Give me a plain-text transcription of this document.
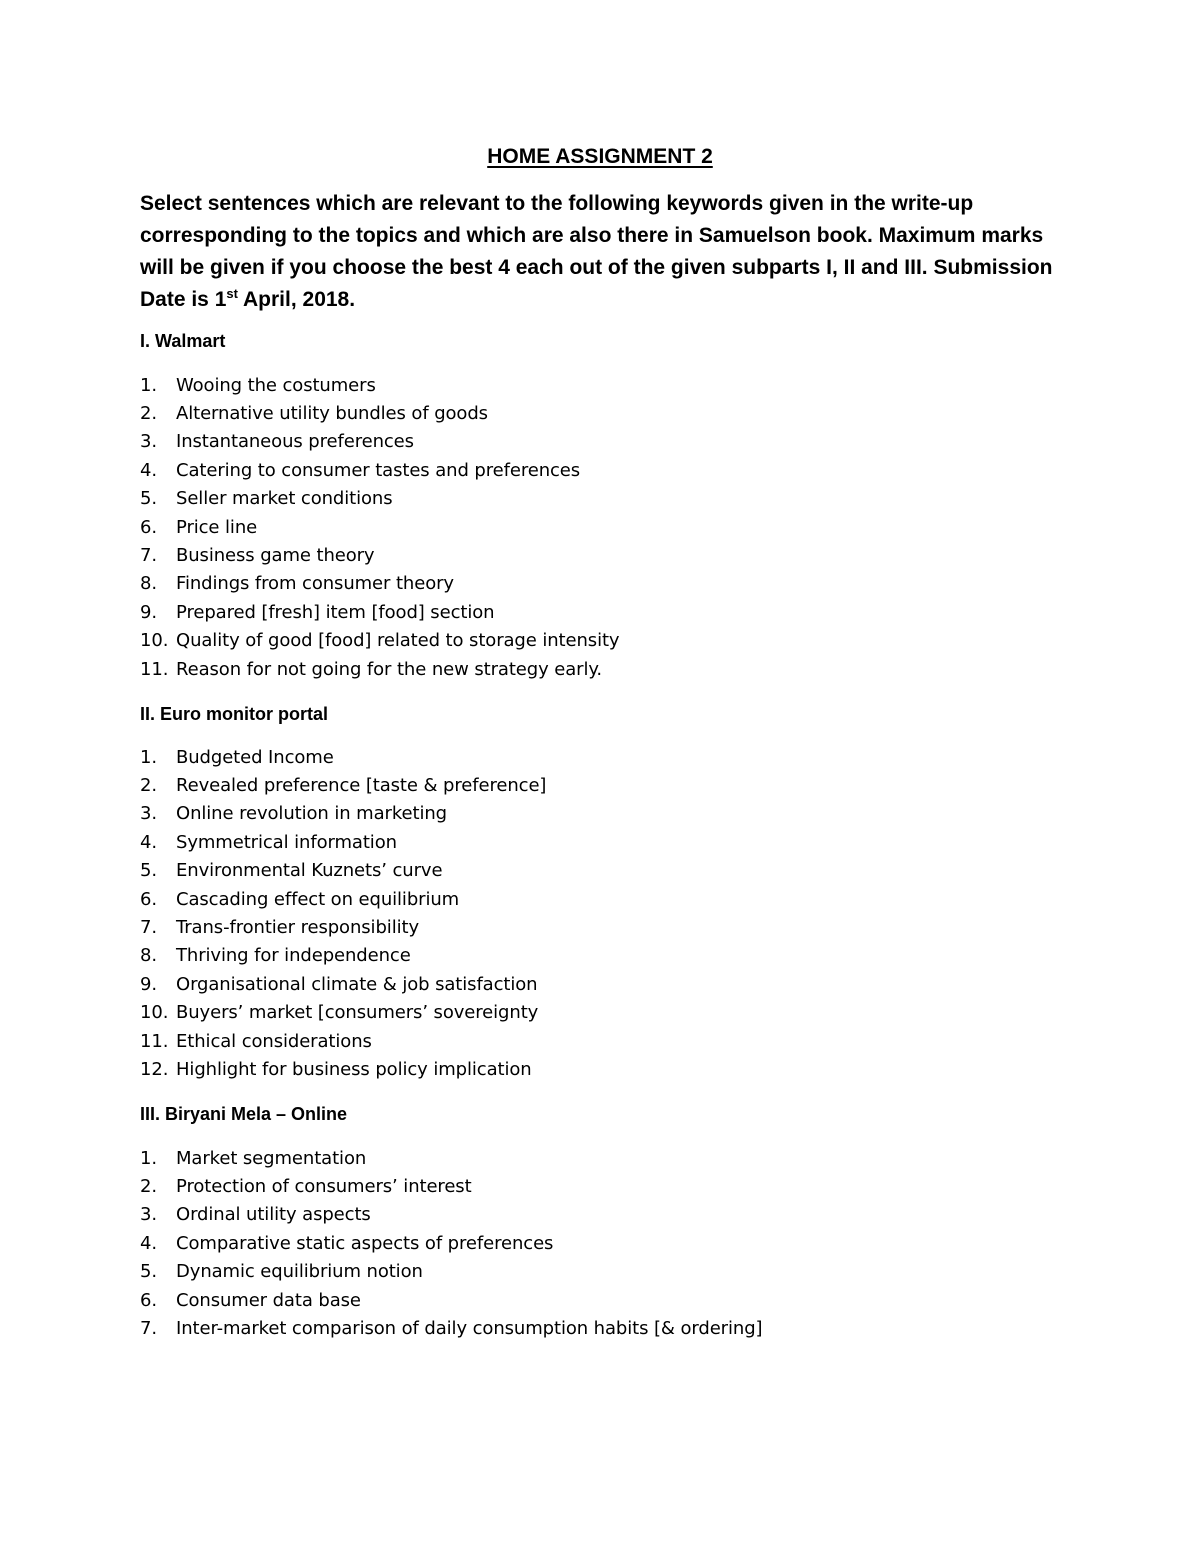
HOME ASSIGNMENT 2
Select sentences which are relevant to the following keywords given in the write-up corresponding to the topics and which are also there in Samuelson book. Maximum marks will be given if you choose the best 4 each out of the given subparts I, II and III. Submission Date is 1st April, 2018.
I. Walmart
1.	Wooing the costumers
2.	Alternative utility bundles of goods
3.	Instantaneous preferences
4.	Catering to consumer tastes and preferences
5.	Seller market conditions
6.	Price line
7.	Business game theory
8.	Findings from consumer theory
9.	Prepared [fresh] item [food] section
10. Quality of good [food] related to storage intensity
11. Reason for not going for the new strategy early.
II. Euro monitor portal
1.	Budgeted Income
2.	Revealed preference [taste & preference]
3.	Online revolution in marketing
4.	Symmetrical information
5.	Environmental Kuznets’ curve
6.	Cascading effect on equilibrium
7.	Trans-frontier responsibility
8.	Thriving for independence
9.	Organisational climate & job satisfaction
10. Buyers’ market [consumers’ sovereignty
11. Ethical considerations
12. Highlight for business policy implication
III. Biryani Mela – Online
1.	Market segmentation
2.	Protection of consumers’ interest
3.	Ordinal utility aspects
4.	Comparative static aspects of preferences
5.	Dynamic equilibrium notion
6.	Consumer data base
7.	Inter-market comparison of daily consumption habits [& ordering]
